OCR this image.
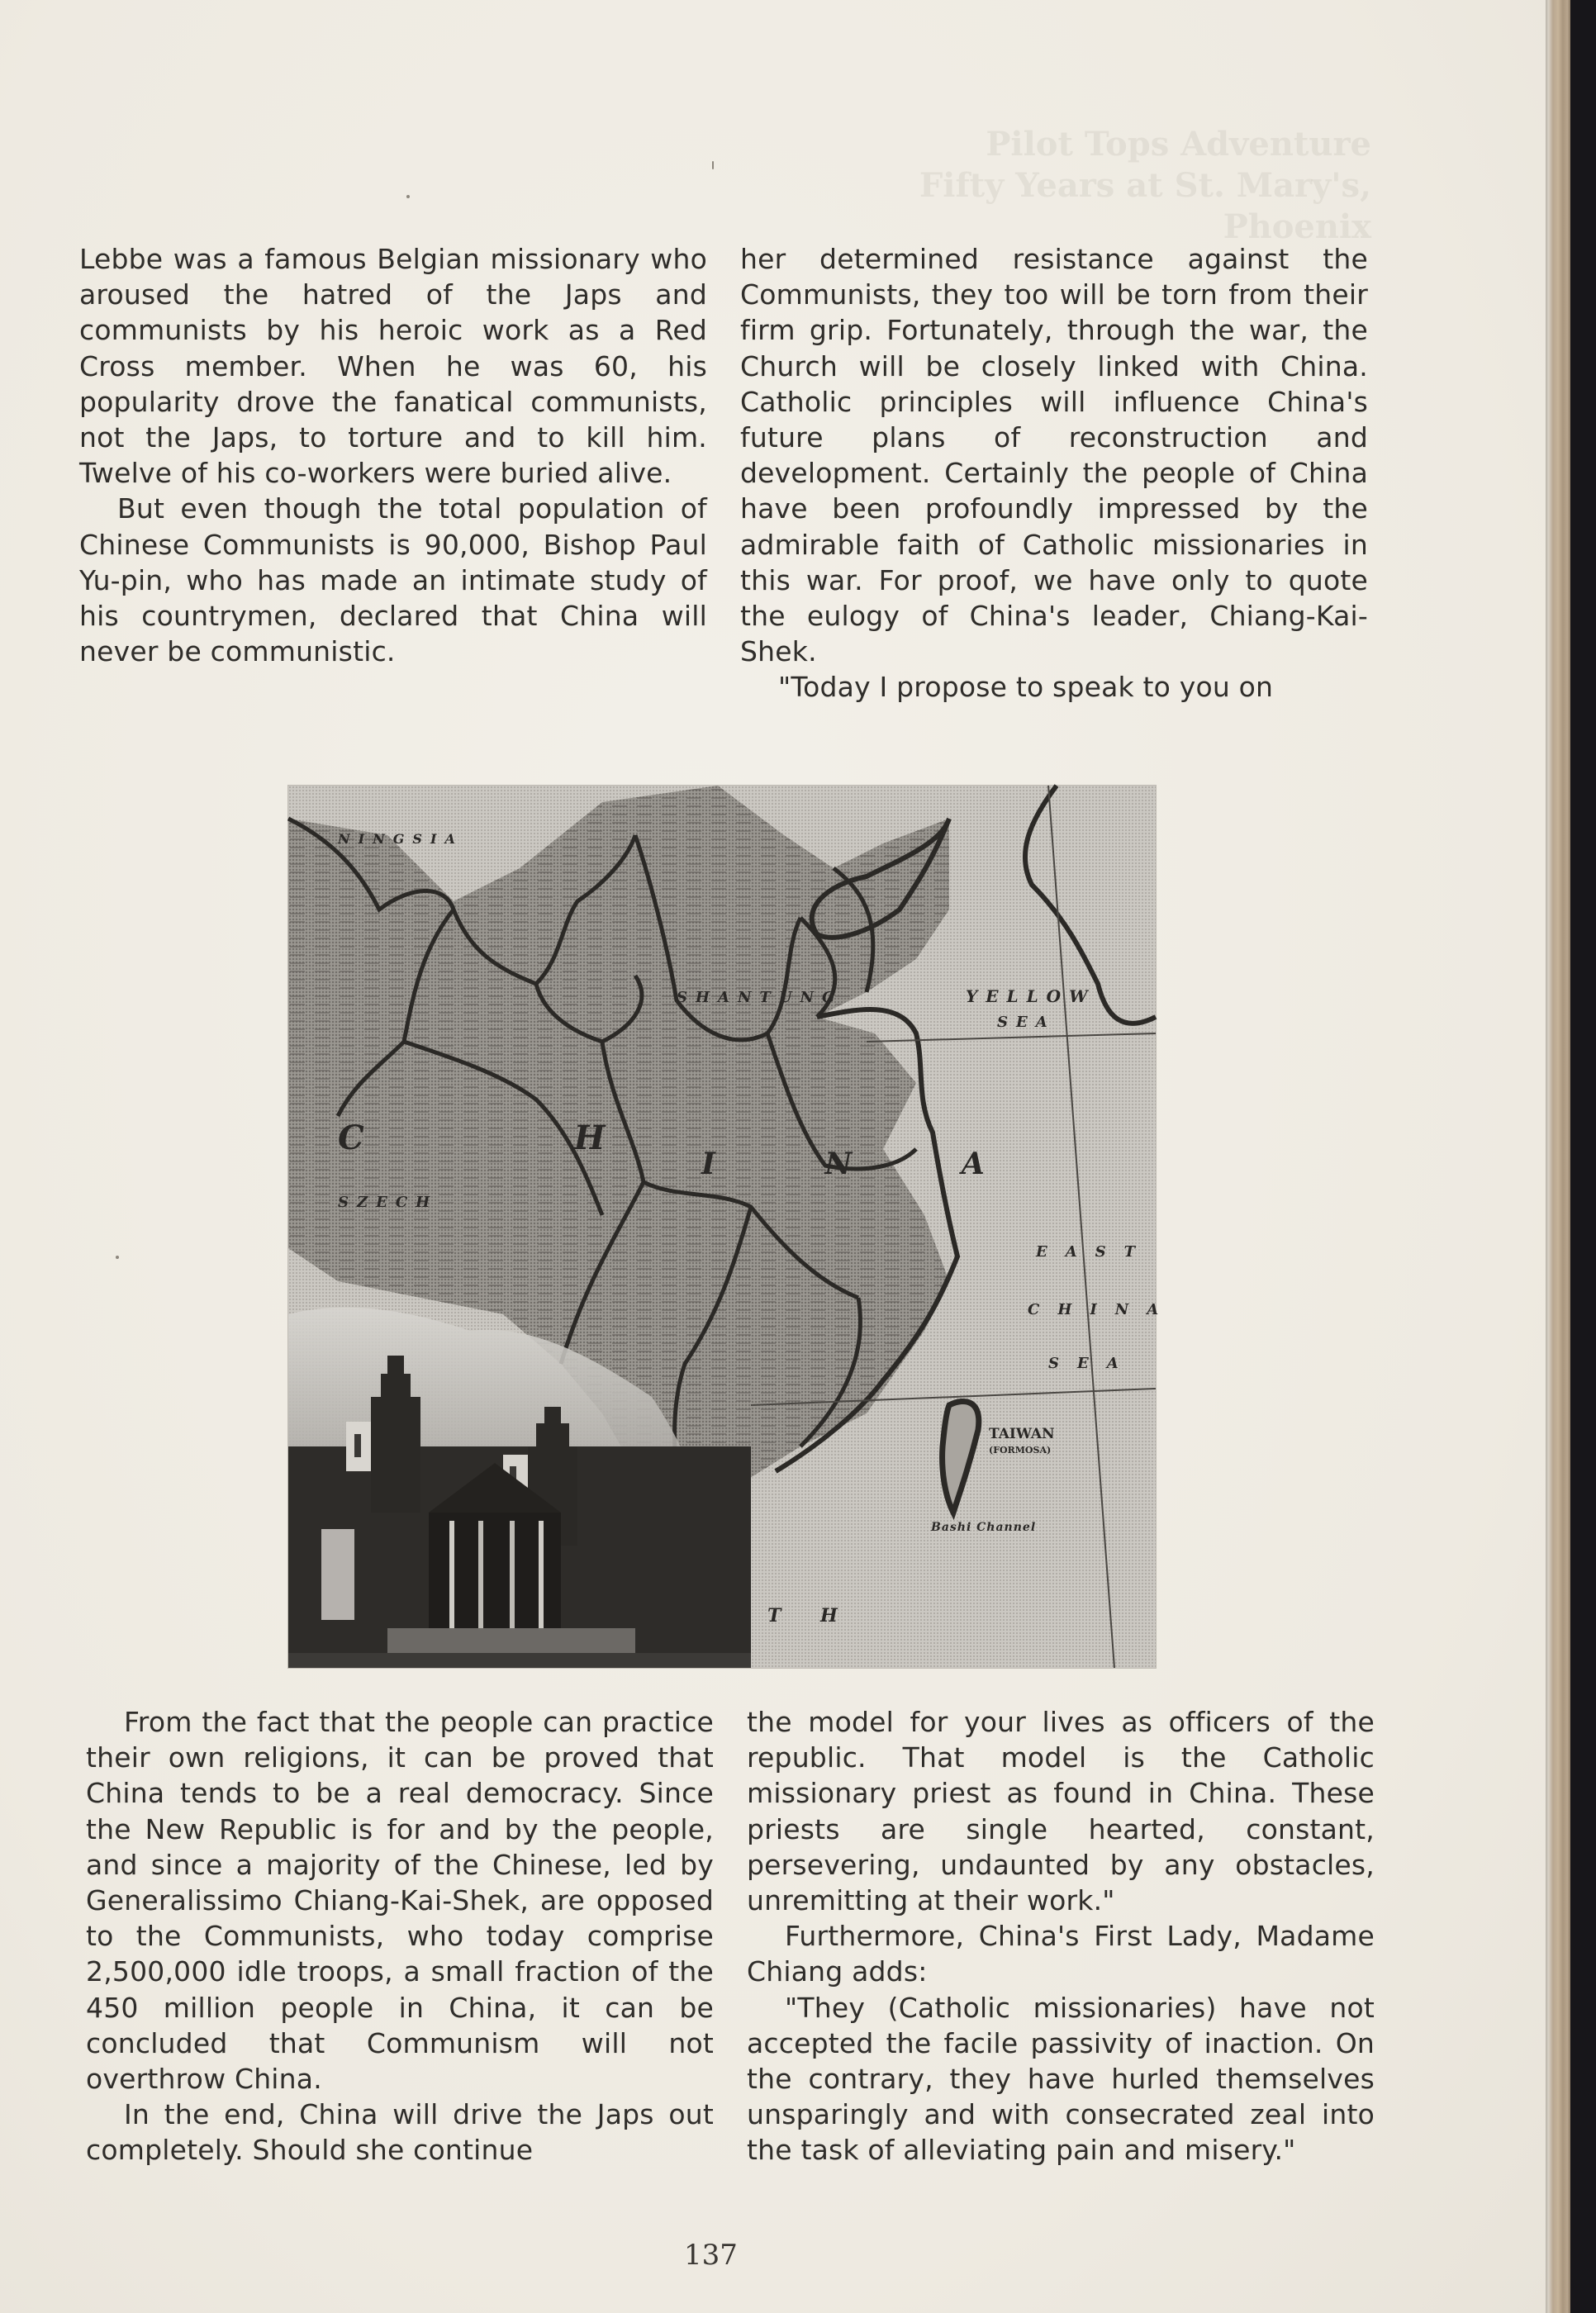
Pilot Tops Adventure
Fifty Years at St. Mary's, Phoenix

Lebbe was a famous Belgian missionary who aroused the hatred of the Japs and communists by his heroic work as a Red Cross member. When he was 60, his popularity drove the fanatical communists, not the Japs, to torture and to kill him. Twelve of his co-workers were buried alive.

But even though the total population of Chinese Communists is 90,000, Bishop Paul Yu-pin, who has made an intimate study of his countrymen, declared that China will never be communistic.

her determined resistance against the Communists, they too will be torn from their firm grip. Fortunately, through the war, the Church will be closely linked with China. Catholic principles will influence China's future plans of reconstruction and development. Certainly the people of China have been profoundly impressed by the admirable faith of Catholic missionaries in this war. For proof, we have only to quote the eulogy of China's leader, Chiang-Kai-Shek.

"Today I propose to speak to you on

NINGSIA
YELLOW
SEA
SHANTUNG
SZECH
C H
I N A
EAST
CHINA
SEA
TAIWAN
(FORMOSA)
Bashi Channel
T H

From the fact that the people can practice their own religions, it can be proved that China tends to be a real democracy. Since the New Republic is for and by the people, and since a majority of the Chinese, led by Generalissimo Chiang-Kai-Shek, are opposed to the Communists, who today comprise 2,500,000 idle troops, a small fraction of the 450 million people in China, it can be concluded that Communism will not overthrow China.

In the end, China will drive the Japs out completely. Should she continue

the model for your lives as officers of the republic. That model is the Catholic missionary priest as found in China. These priests are single hearted, constant, persevering, undaunted by any obstacles, unremitting at their work."

Furthermore, China's First Lady, Madame Chiang adds:

"They (Catholic missionaries) have not accepted the facile passivity of inaction. On the contrary, they have hurled themselves unsparingly and with consecrated zeal into the task of alleviating pain and misery."

137
